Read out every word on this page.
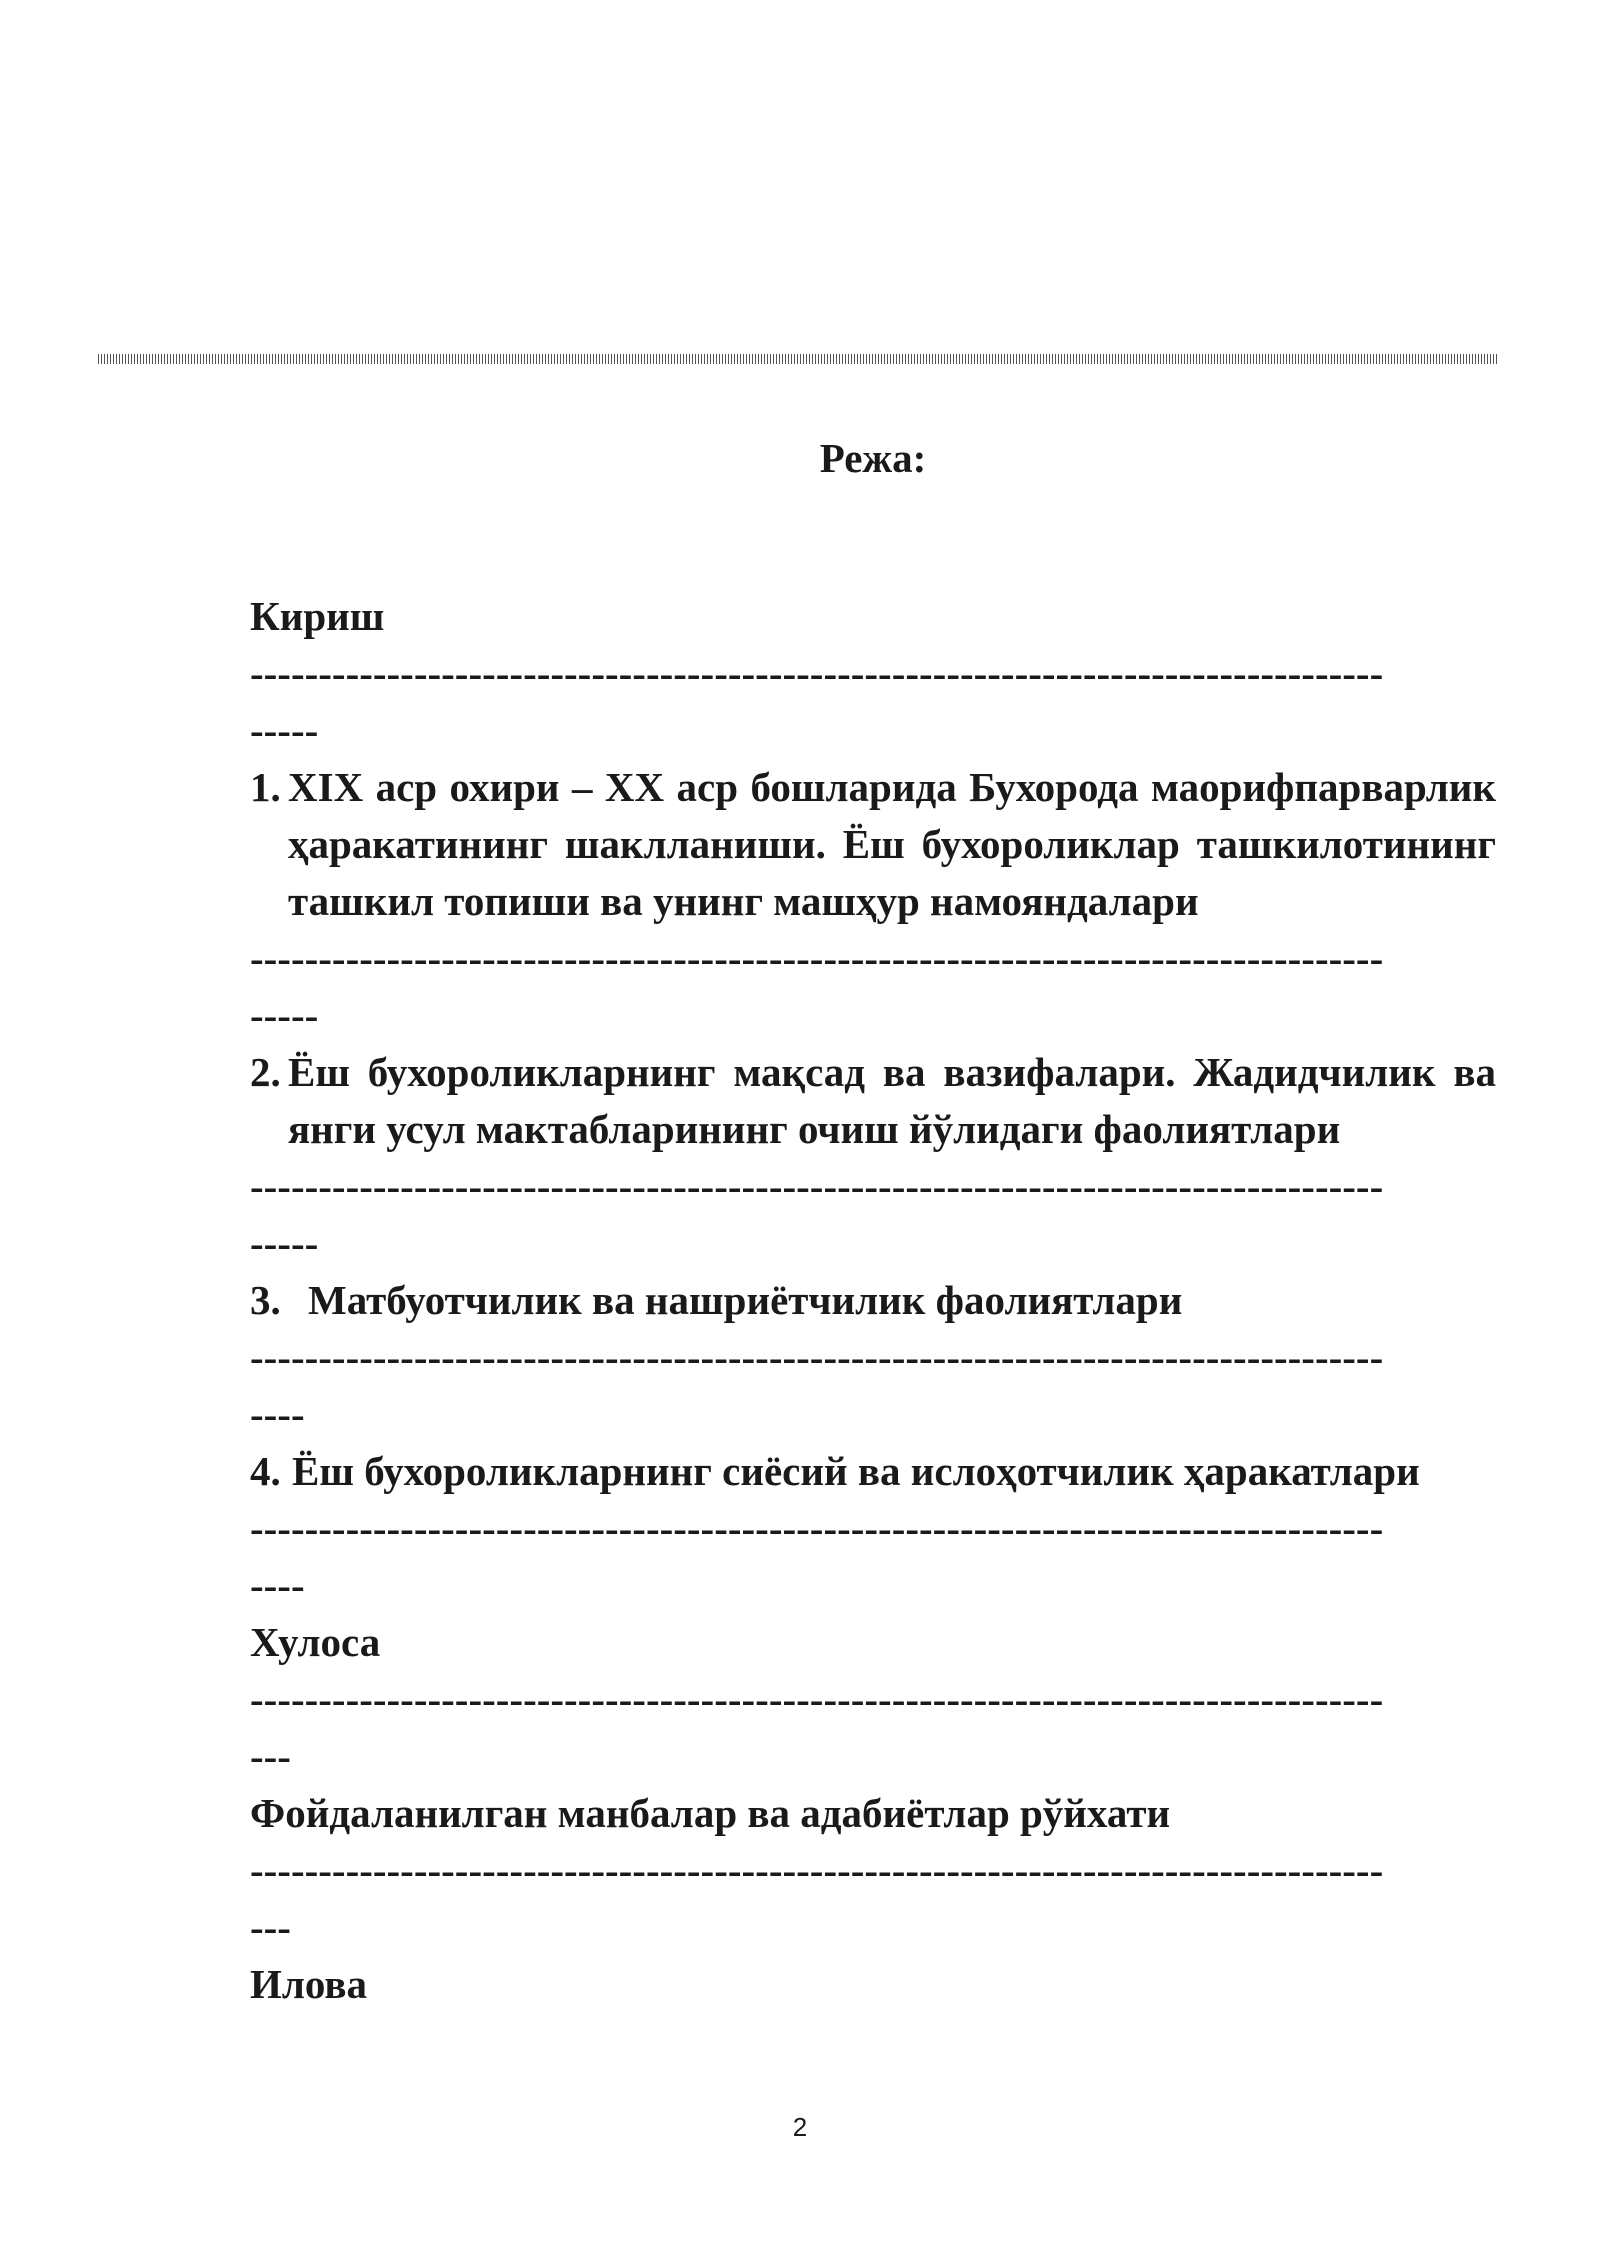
Режа:
Кириш
-----------------------------------------------------------------------------------
-----
1. XIX аср охири – XX аср бошларида Бухорода маорифпарварлик ҳаракатининг шаклланиши. Ёш бухороликлар ташкилотининг ташкил топиши ва унинг машҳур намояндалари
-----------------------------------------------------------------------------------
-----
2. Ёш бухороликларнинг мақсад ва вазифалари. Жадидчилик ва янги усул мактабларининг очиш йўлидаги фаолиятлари
-----------------------------------------------------------------------------------
-----
3. Матбуотчилик ва нашриётчилик фаолиятлари
-----------------------------------------------------------------------------------
----
4. Ёш бухороликларнинг сиёсий ва ислоҳотчилик ҳаракатлари
-----------------------------------------------------------------------------------
----
Хулоса
-----------------------------------------------------------------------------------
---
Фойдаланилган манбалар ва адабиётлар рўйхати
-----------------------------------------------------------------------------------
---
Илова
2
